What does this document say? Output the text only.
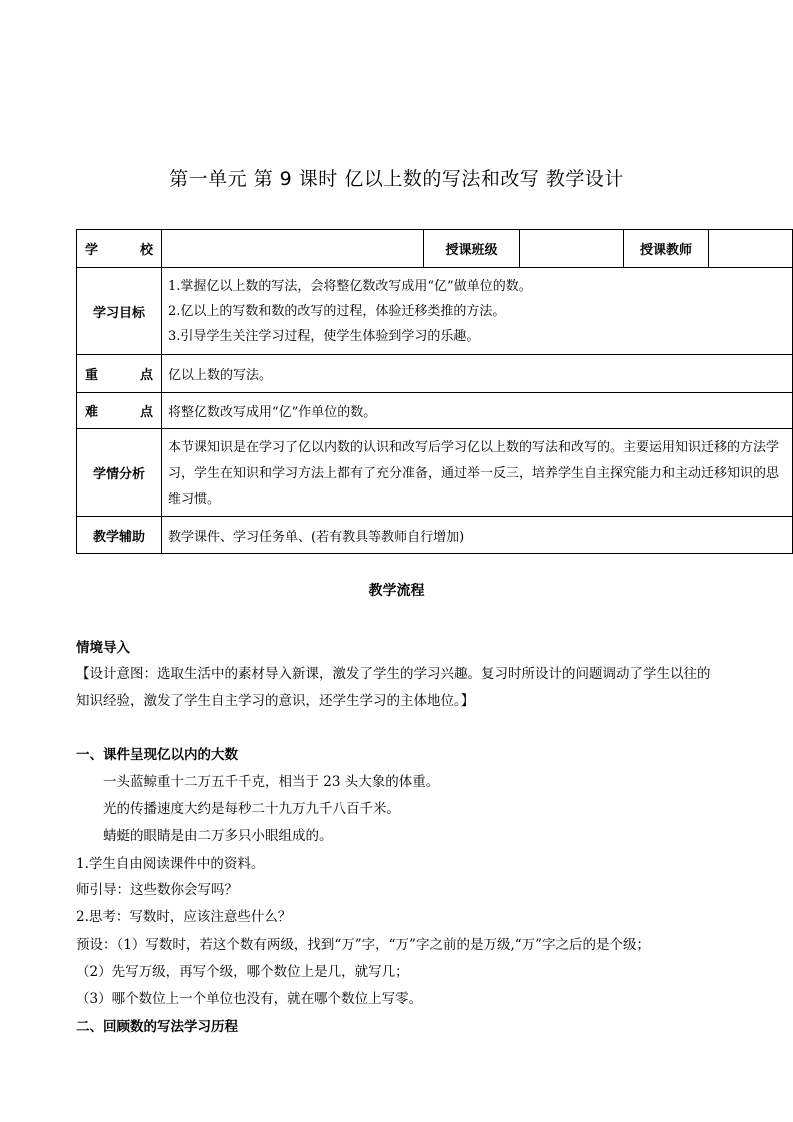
第一单元 第 9 课时 亿以上数的写法和改写 教学设计
学 校		授课班级		授课教师	
学习目标	1.掌握亿以上数的写法，会将整亿数改写成用“亿”做单位的数。
2.亿以上的写数和数的改写的过程，体验迁移类推的方法。
3.引导学生关注学习过程，使学生体验到学习的乐趣。				

重 点	亿以上数的写法。				

难 点	将整亿数改写成用“亿”作单位的数。				
学情分析	本节课知识是在学习了亿以内数的认识和改写后学习亿以上数的写法和改写的。主要运用知识迁移的方法学习，学生在知识和学习方法上都有了充分准备，通过举一反三，培养学生自主探究能力和主动迁移知识的思维习惯。				
教学辅助	教学课件、学习任务单、(若有教具等教师自行增加)				
教学流程
情境导入
【设计意图：选取生活中的素材导入新课，激发了学生的学习兴趣。复习时所设计的问题调动了学生以往的知识经验，激发了学生自主学习的意识，还学生学习的主体地位。】
一、课件呈现亿以内的大数
一头蓝鲸重十二万五千千克，相当于 23 头大象的体重。
光的传播速度大约是每秒二十九万九千八百千米。
蜻蜓的眼睛是由二万多只小眼组成的。
1.学生自由阅读课件中的资料。
师引导：这些数你会写吗？
2.思考：写数时，应该注意些什么？
预设：（1）写数时，若这个数有两级，找到“万”字，“万”字之前的是万级,“万”字之后的是个级；
（2）先写万级，再写个级，哪个数位上是几，就写几；
（3）哪个数位上一个单位也没有，就在哪个数位上写零。
二、回顾数的写法学习历程
